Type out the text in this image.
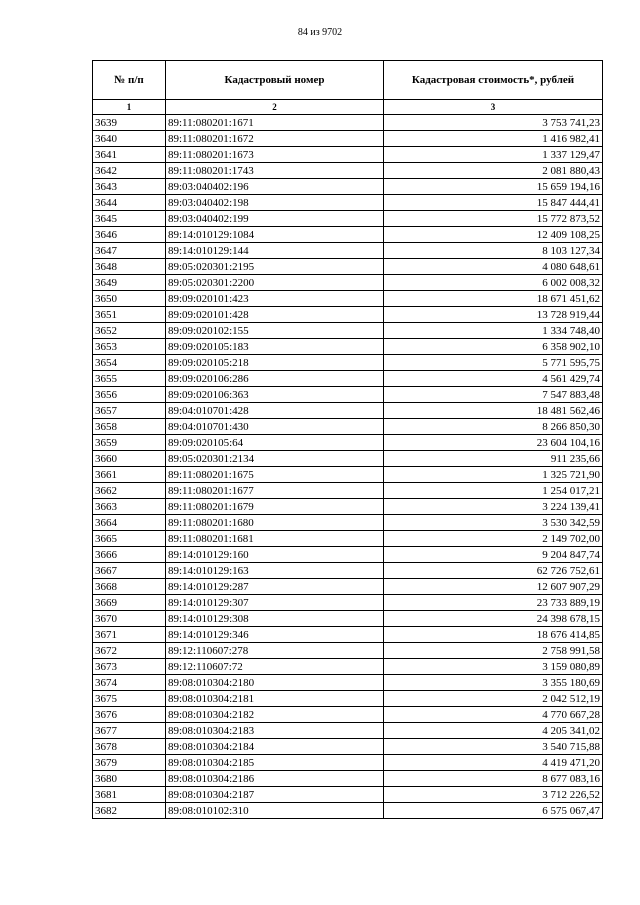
84 из 9702
№ п/п	Кадастровый номер	Кадастровая стоимость*, рублей
1	2	3
3639	89:11:080201:1671	3 753 741,23
3640	89:11:080201:1672	1 416 982,41
3641	89:11:080201:1673	1 337 129,47
3642	89:11:080201:1743	2 081 880,43
3643	89:03:040402:196	15 659 194,16
3644	89:03:040402:198	15 847 444,41
3645	89:03:040402:199	15 772 873,52
3646	89:14:010129:1084	12 409 108,25
3647	89:14:010129:144	8 103 127,34
3648	89:05:020301:2195	4 080 648,61
3649	89:05:020301:2200	6 002 008,32
3650	89:09:020101:423	18 671 451,62
3651	89:09:020101:428	13 728 919,44
3652	89:09:020102:155	1 334 748,40
3653	89:09:020105:183	6 358 902,10
3654	89:09:020105:218	5 771 595,75
3655	89:09:020106:286	4 561 429,74
3656	89:09:020106:363	7 547 883,48
3657	89:04:010701:428	18 481 562,46
3658	89:04:010701:430	8 266 850,30
3659	89:09:020105:64	23 604 104,16
3660	89:05:020301:2134	911 235,66
3661	89:11:080201:1675	1 325 721,90
3662	89:11:080201:1677	1 254 017,21
3663	89:11:080201:1679	3 224 139,41
3664	89:11:080201:1680	3 530 342,59
3665	89:11:080201:1681	2 149 702,00
3666	89:14:010129:160	9 204 847,74
3667	89:14:010129:163	62 726 752,61
3668	89:14:010129:287	12 607 907,29
3669	89:14:010129:307	23 733 889,19
3670	89:14:010129:308	24 398 678,15
3671	89:14:010129:346	18 676 414,85
3672	89:12:110607:278	2 758 991,58
3673	89:12:110607:72	3 159 080,89
3674	89:08:010304:2180	3 355 180,69
3675	89:08:010304:2181	2 042 512,19
3676	89:08:010304:2182	4 770 667,28
3677	89:08:010304:2183	4 205 341,02
3678	89:08:010304:2184	3 540 715,88
3679	89:08:010304:2185	4 419 471,20
3680	89:08:010304:2186	8 677 083,16
3681	89:08:010304:2187	3 712 226,52
3682	89:08:010102:310	6 575 067,47
